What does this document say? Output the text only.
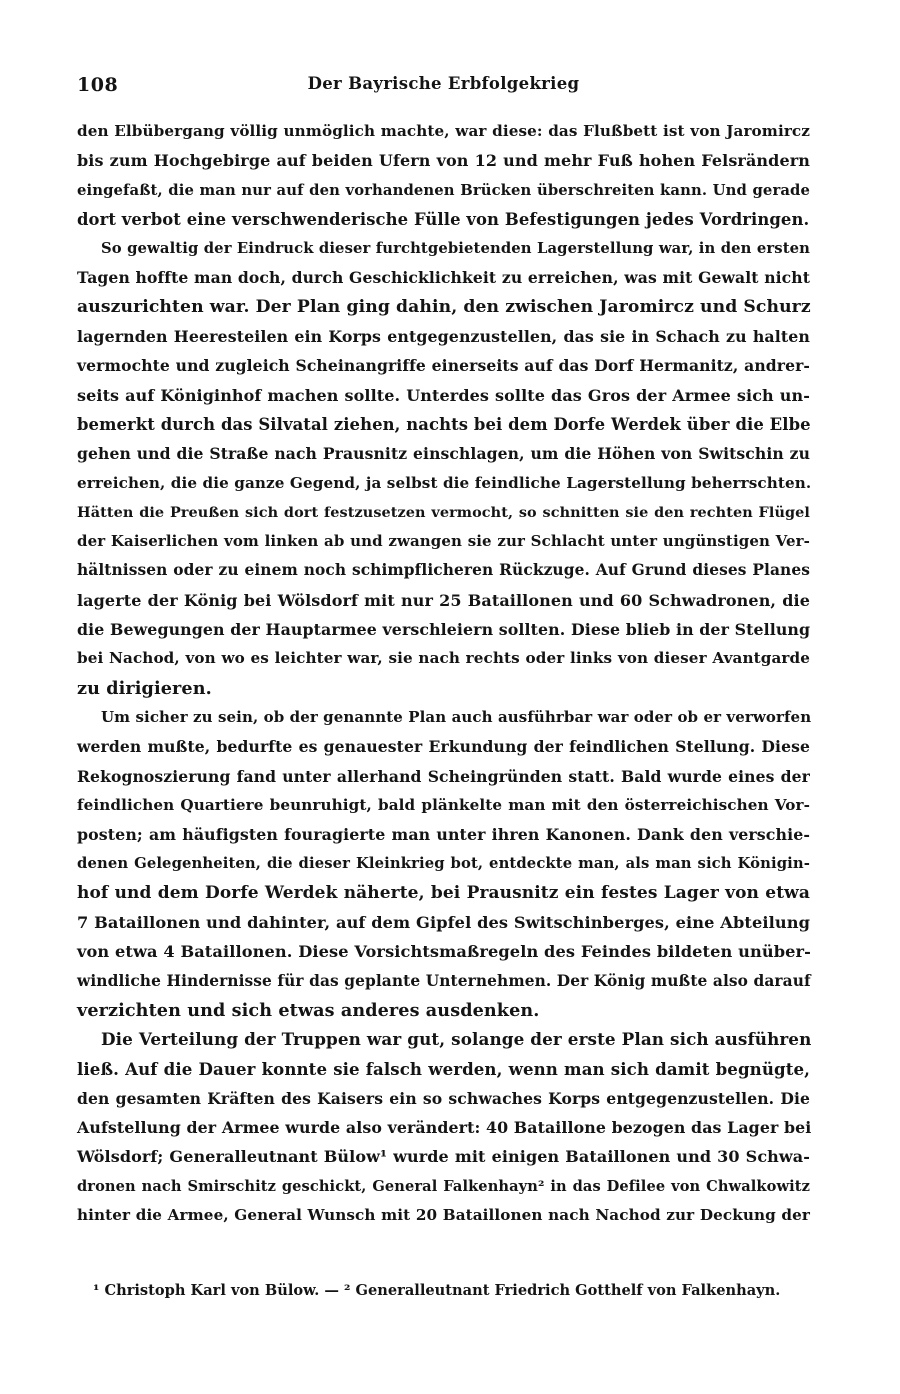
108	Der Bayrische Erbfolgekrieg
den Elbübergang völlig unmöglich machte, war diese: das Flußbett ist von Jaromircz
bis zum Hochgebirge auf beiden Ufern von 12 und mehr Fuß hohen Felsrändern
eingefaßt, die man nur auf den vorhandenen Brücken überschreiten kann. Und gerade
dort verbot eine verschwenderische Fülle von Befestigungen jedes Vordringen.
So gewaltig der Eindruck dieser furchtgebietenden Lagerstellung war, in den ersten
Tagen hoffte man doch, durch Geschicklichkeit zu erreichen, was mit Gewalt nicht
auszurichten war. Der Plan ging dahin, den zwischen Jaromircz und Schurz
lagernden Heeresteilen ein Korps entgegenzustellen, das sie in Schach zu halten
vermochte und zugleich Scheinangriffe einerseits auf das Dorf Hermanitz, andrer-
seits auf Königinhof machen sollte. Unterdes sollte das Gros der Armee sich un-
bemerkt durch das Silvatal ziehen, nachts bei dem Dorfe Werdek über die Elbe
gehen und die Straße nach Prausnitz einschlagen, um die Höhen von Switschin zu
erreichen, die die ganze Gegend, ja selbst die feindliche Lagerstellung beherrschten.
Hätten die Preußen sich dort festzusetzen vermocht, so schnitten sie den rechten Flügel
der Kaiserlichen vom linken ab und zwangen sie zur Schlacht unter ungünstigen Ver-
hältnissen oder zu einem noch schimpflicheren Rückzuge. Auf Grund dieses Planes
lagerte der König bei Wölsdorf mit nur 25 Bataillonen und 60 Schwadronen, die
die Bewegungen der Hauptarmee verschleiern sollten. Diese blieb in der Stellung
bei Nachod, von wo es leichter war, sie nach rechts oder links von dieser Avantgarde
zu dirigieren.
Um sicher zu sein, ob der genannte Plan auch ausführbar war oder ob er verworfen
werden mußte, bedurfte es genauester Erkundung der feindlichen Stellung. Diese
Rekognoszierung fand unter allerhand Scheingründen statt. Bald wurde eines der
feindlichen Quartiere beunruhigt, bald plänkelte man mit den österreichischen Vor-
posten; am häufigsten fouragierte man unter ihren Kanonen. Dank den verschie-
denen Gelegenheiten, die dieser Kleinkrieg bot, entdeckte man, als man sich Königin-
hof und dem Dorfe Werdek näherte, bei Prausnitz ein festes Lager von etwa
7 Bataillonen und dahinter, auf dem Gipfel des Switschinberges, eine Abteilung
von etwa 4 Bataillonen. Diese Vorsichtsmaßregeln des Feindes bildeten unüber-
windliche Hindernisse für das geplante Unternehmen. Der König mußte also darauf
verzichten und sich etwas anderes ausdenken.
Die Verteilung der Truppen war gut, solange der erste Plan sich ausführen
ließ. Auf die Dauer konnte sie falsch werden, wenn man sich damit begnügte,
den gesamten Kräften des Kaisers ein so schwaches Korps entgegenzustellen. Die
Aufstellung der Armee wurde also verändert: 40 Bataillone bezogen das Lager bei
Wölsdorf; Generalleutnant Bülow¹ wurde mit einigen Bataillonen und 30 Schwa-
dronen nach Smirschitz geschickt, General Falkenhayn² in das Defilee von Chwalkowitz
hinter die Armee, General Wunsch mit 20 Bataillonen nach Nachod zur Deckung der
¹ Christoph Karl von Bülow. — ² Generalleutnant Friedrich Gotthelf von Falkenhayn.
